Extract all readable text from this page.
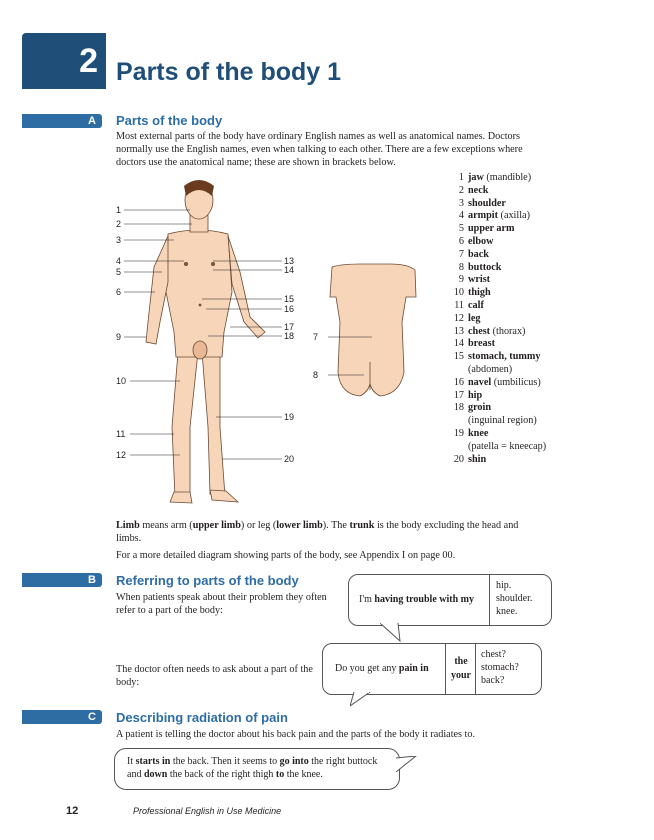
2 Parts of the body 1
A	Parts of the body
Most external parts of the body have ordinary English names as well as anatomical names. Doctors normally use the English names, even when talking to each other. There are a few exceptions where doctors use the anatomical name; these are shown in brackets below.
1 jaw (mandible)
2 neck
3 shoulder
4 armpit (axilla)
5 upper arm
6 elbow
7 back
8 buttock
9 wrist
10 thigh
11 calf
12 leg
13 chest (thorax)
14 breast
15 stomach, tummy
(abdomen)
16 navel (umbilicus)
17 hip
18 groin
(inguinal region)
19 knee
(patella = kneecap)
20 shin
1
2
3
4
5
6
9
10
11
12
13
14
15
16
17
18
19
20
7
8
Limb means arm (upper limb) or leg (lower limb). The trunk is the body excluding the head and limbs.
For a more detailed diagram showing parts of the body, see Appendix I on page 00.
B	Referring to parts of the body
When patients speak about their problem they often refer to a part of the body:
I'm having trouble with my
hip.
shoulder.
knee.
The doctor often needs to ask about a part of the body:
Do you get any pain in
the
your
chest?
stomach?
back?
C	Describing radiation of pain
A patient is telling the doctor about his back pain and the parts of the body it radiates to.
It starts in the back. Then it seems to go into the right buttock and down the back of the right thigh to the knee.
12	Professional English in Use Medicine
